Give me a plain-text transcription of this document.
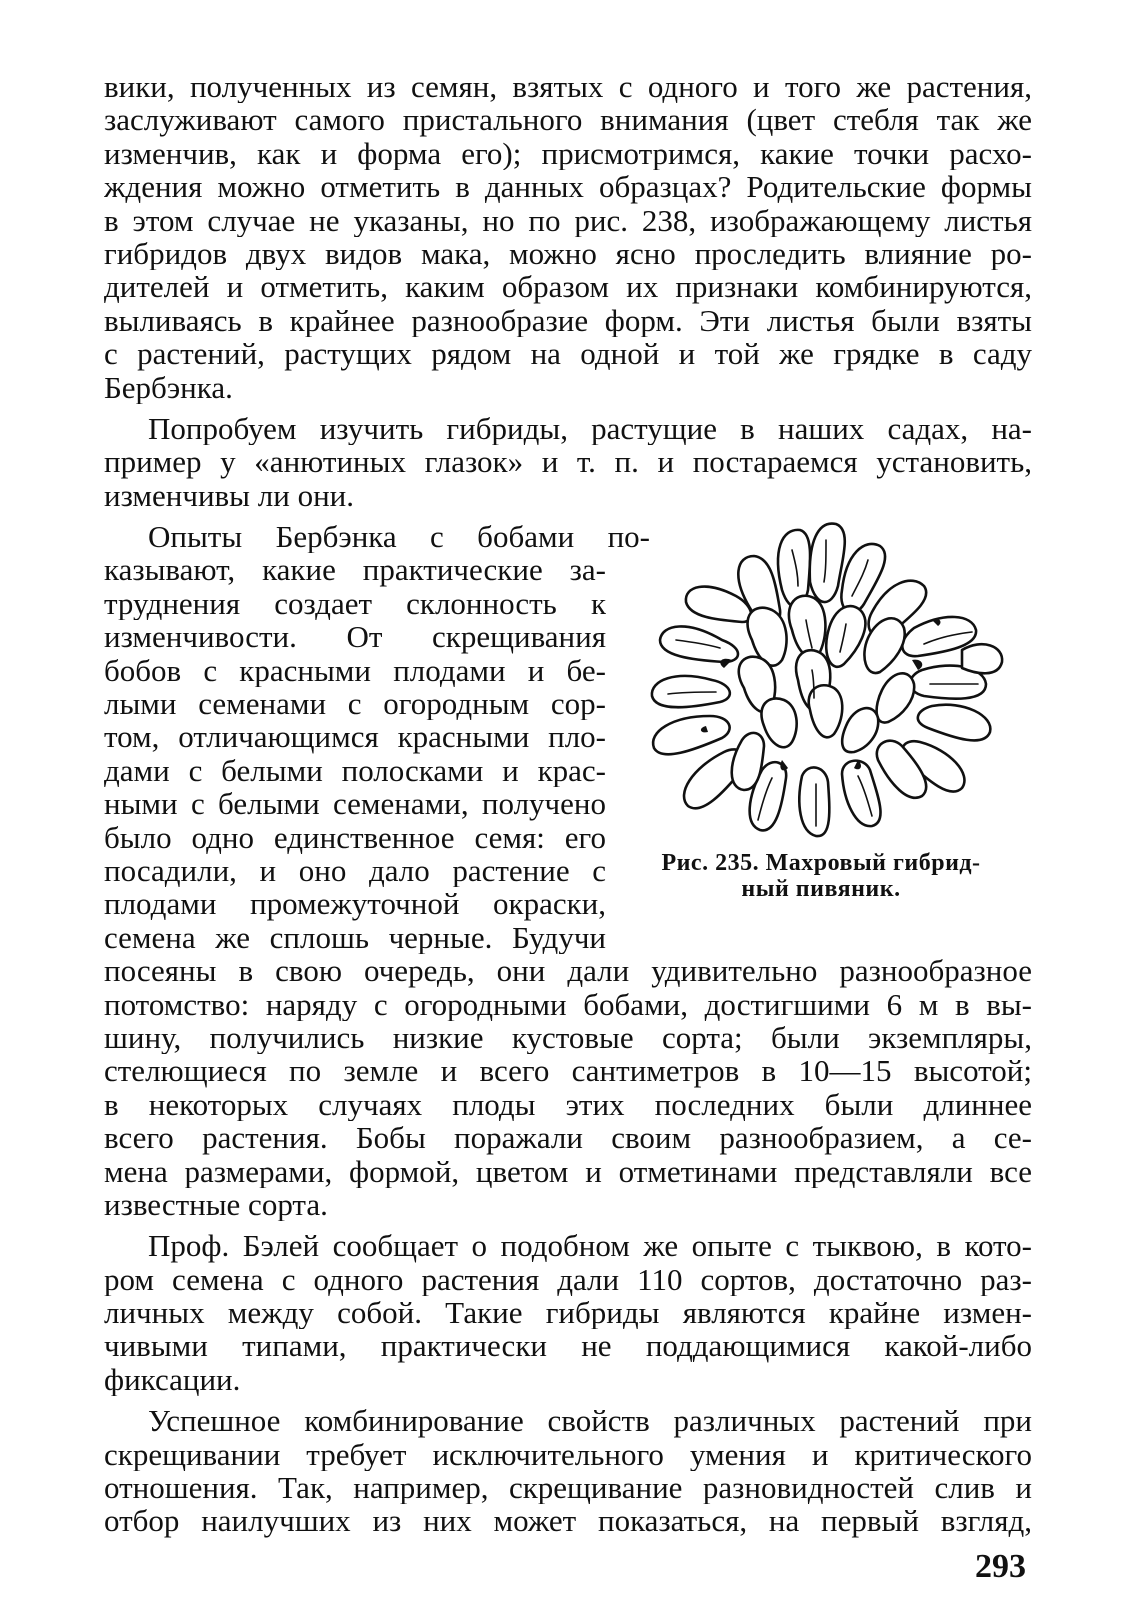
вики, полученных из семян, взятых с одного и того же растения,
заслуживают самого пристального внимания (цвет стебля так же
изменчив, как и форма его); присмотримся, какие точки расхо-
ждения можно отметить в данных образцах? Родительские формы
в этом случае не указаны, но по рис. 238, изображающему листья
гибридов двух видов мака, можно ясно проследить влияние ро-
дителей и отметить, каким образом их признаки комбинируются,
выливаясь в крайнее разнообразие форм. Эти листья были взяты
с растений, растущих рядом на одной и той же грядке в саду
Бербэнка.
Попробуем изучить гибриды, растущие в наших садах, на-
пример у «анютиных глазок» и т. п. и постараемся установить,
изменчивы ли они.
Опыты Бербэнка с бобами по-
казывают, какие практические за-
труднения создает склонность к
изменчивости. От скрещивания
бобов с красными плодами и бе-
лыми семенами с огородным сор-
том, отличающимся красными пло-
дами с белыми полосками и крас-
ными с белыми семенами, получено
было одно единственное семя: его
посадили, и оно дало растение с
плодами промежуточной окраски,
семена же сплошь черные. Будучи
Рис. 235. Махровый гибрид-
ный пивяник.
посеяны в свою очередь, они дали удивительно разнообразное
потомство: наряду с огородными бобами, достигшими 6 м в вы-
шину, получились низкие кустовые сорта; были экземпляры,
стелющиеся по земле и всего сантиметров в 10—15 высотой;
в некоторых случаях плоды этих последних были длиннее
всего растения. Бобы поражали своим разнообразием, а се-
мена размерами, формой, цветом и отметинами представляли все
известные сорта.
Проф. Бэлей сообщает о подобном же опыте с тыквою, в кото-
ром семена с одного растения дали 110 сортов, достаточно раз-
личных между собой. Такие гибриды являются крайне измен-
чивыми типами, практически не поддающимися какой-либо
фиксации.
Успешное комбинирование свойств различных растений при
скрещивании требует исключительного умения и критического
отношения. Так, например, скрещивание разновидностей слив и
отбор наилучших из них может показаться, на первый взгляд,
293
